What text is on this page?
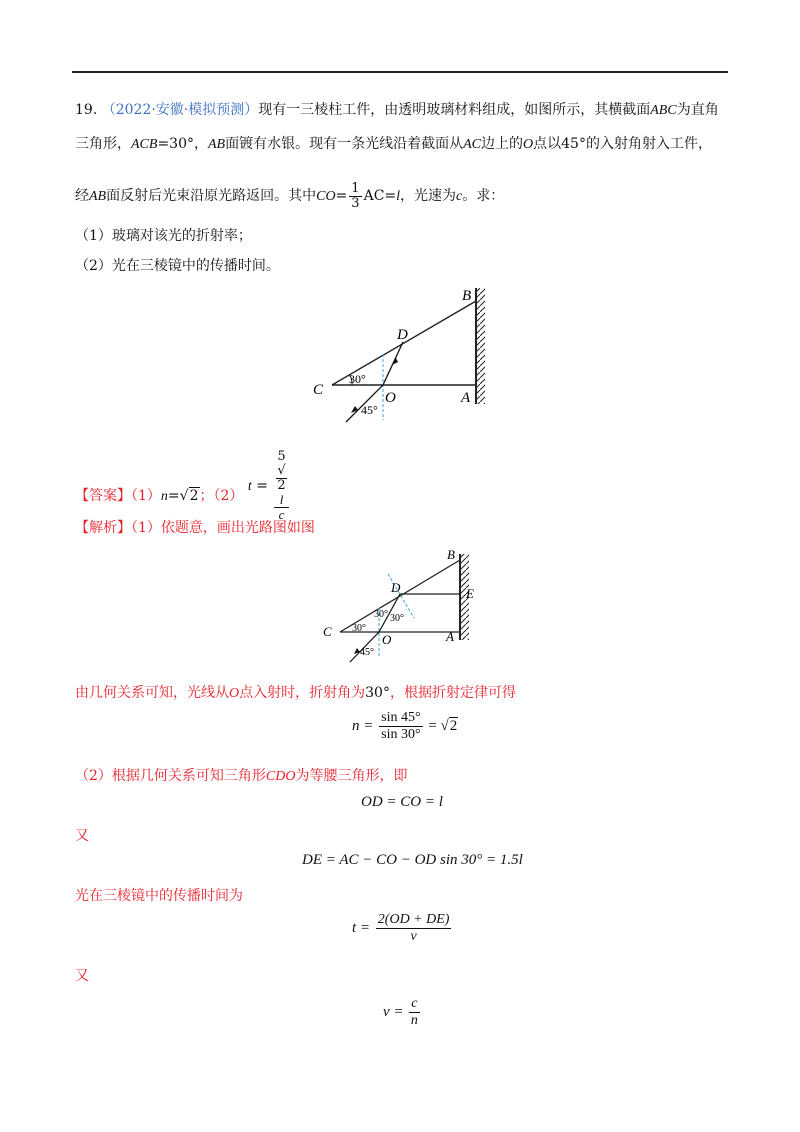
19. （2022·安徽·模拟预测）现有一三棱柱工件，由透明玻璃材料组成，如图所示，其横截面ABC为直角
三角形，ACB=30°，AB面镀有水银。现有一条光线沿着截面从AC边上的O点以45°的入射角射入工件，
经AB面反射后光束沿原光路返回。其中$CO= \frac{1}{3} AC=l$，光速为c。求：
（1）玻璃对该光的折射率；
（2）光在三棱镜中的传播时间。
B
D
C	O	A
30°
45°
【答案】（1）n=√2；（2） t = 5
√
2
l
c
【解析】（1）依题意，画出光路图如图
B
D	E
C
O	A
30°
30° 30°
45°
由几何关系可知，光线从O点入射时，折射角为30°，根据折射定律可得
$n = \frac{\sin 45^\circ}{\sin 30^\circ} = √2$
（2）根据几何关系可知三角形CDO为等腰三角形，即
OD = CO = l
又
DE = AC − CO − OD sin 30° = 1.5l
光在三棱镜中的传播时间为
$t = \frac{2(OD + DE)}{v}$
又
$v = \frac{c}{n}$
